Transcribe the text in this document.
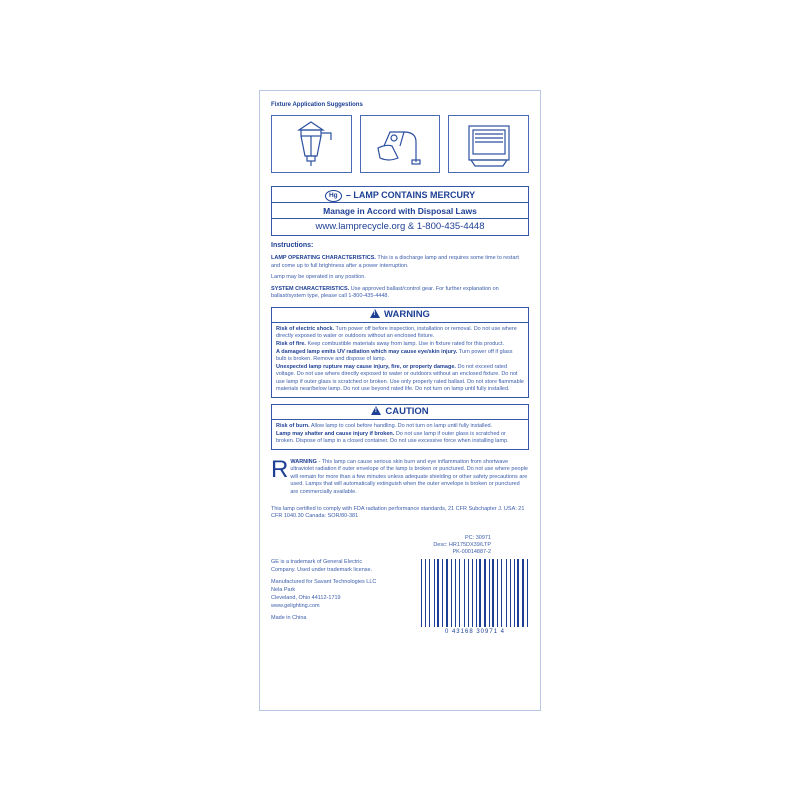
Fixture Application Suggestions
Hg – LAMP CONTAINS MERCURY
Manage in Accord with Disposal Laws
www.lamprecycle.org & 1-800-435-4448
Instructions:

LAMP OPERATING CHARACTERISTICS. This is a discharge lamp and requires some time to restart and come up to full brightness after a power interruption.

Lamp may be operated in any position.

SYSTEM CHARACTERISTICS. Use approved ballast/control gear. For further explanation on ballast/system type, please call 1-800-435-4448.

!WARNING

Risk of electric shock. Turn power off before inspection, installation or removal. Do not use where directly exposed to water or outdoors without an enclosed fixture.

Risk of fire. Keep combustible materials away from lamp. Use in fixture rated for this product.

A damaged lamp emits UV radiation which may cause eye/skin injury. Turn power off if glass bulb is broken. Remove and dispose of lamp.

Unexpected lamp rupture may cause injury, fire, or property damage. Do not exceed rated voltage. Do not use where directly exposed to water or outdoors without an enclosed fixture. Do not use lamp if outer glass is scratched or broken. Use only properly rated ballast. Do not store flammable materials near/below lamp. Do not use beyond rated life. Do not turn on lamp until fully installed.

!CAUTION

Risk of burn. Allow lamp to cool before handling. Do not turn on lamp until fully installed.

Lamp may shatter and cause injury if broken. Do not use lamp if outer glass is scratched or broken. Dispose of lamp in a closed container. Do not use excessive force when installing lamp.

R WARNING - This lamp can cause serious skin burn and eye inflammation from shortwave ultraviolet radiation if outer envelope of the lamp is broken or punctured. Do not use where people will remain for more than a few minutes unless adequate shielding or other safety precautions are used. Lamps that will automatically extinguish when the outer envelope is broken or punctured are commercially available.

This lamp certified to comply with FDA radiation performance standards, 21 CFR Subchapter J. USA: 21 CFR 1040.30 Canada: SOR/80-381

PC: 30971
Desc: HR175DX39/LTP
PK-00014887-2
GE is a trademark of General Electric
Company. Used under trademark license.
Manufactured for Savant Technologies LLC
Nela Park
Cleveland, Ohio 44112-1719
www.gelighting.com
Made in China
0 43168 30971 4
